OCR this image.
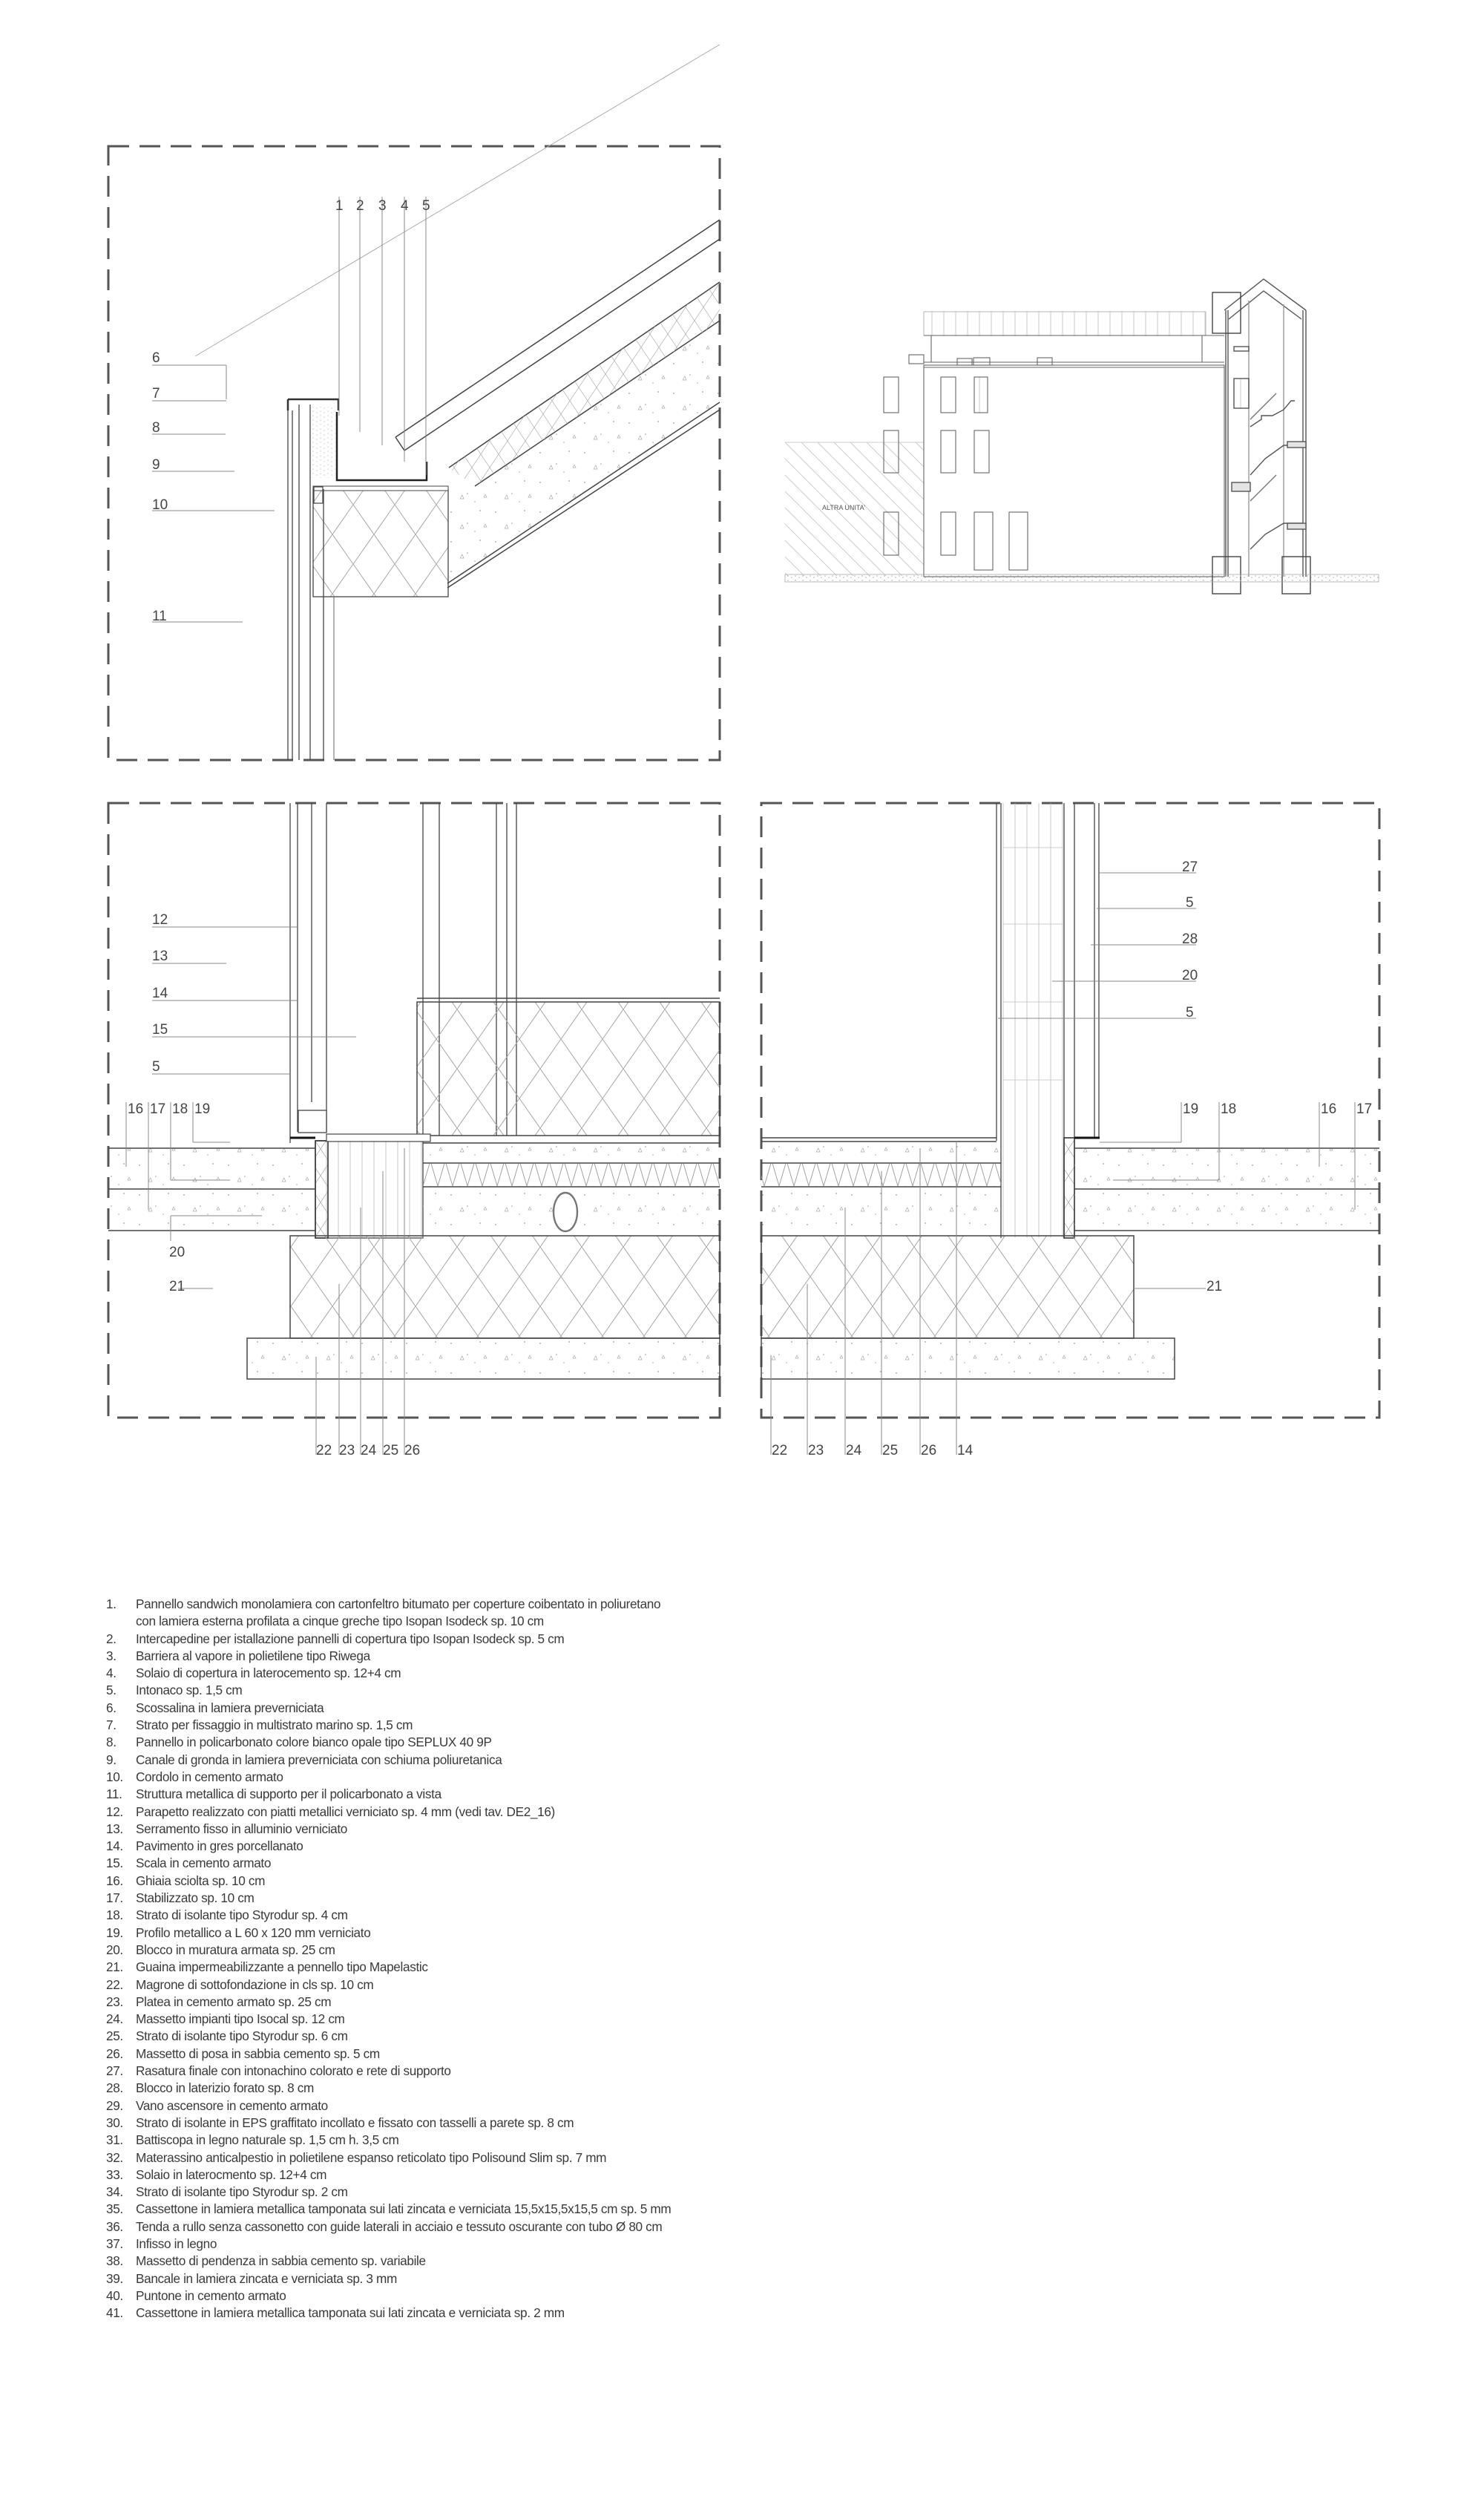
1 2 3 4 5
6
7
8
9
10
11
ALTRA UNITA'
12
13
14
15
5
16 17 18 19
20
21
22 23 24 25 26
27
5
28
20
5
19 18	16 17
21
22 23 24 25 26 14
1.	Pannello sandwich monolamiera con cartonfeltro bitumato per coperture coibentato in poliuretano
con lamiera esterna profilata a cinque greche tipo Isopan Isodeck sp. 10 cm
2.	Intercapedine per istallazione pannelli di copertura tipo Isopan Isodeck sp. 5 cm
3.	Barriera al vapore in polietilene tipo Riwega
4.	Solaio di copertura in laterocemento sp. 12+4 cm
5.	Intonaco sp. 1,5 cm
6.	Scossalina in lamiera preverniciata
7.	Strato per fissaggio in multistrato marino sp. 1,5 cm
8.	Pannello in policarbonato colore bianco opale tipo SEPLUX 40 9P
9.	Canale di gronda in lamiera preverniciata con schiuma poliuretanica
10. Cordolo in cemento armato
11.	Struttura metallica di supporto per il policarbonato a vista
12. Parapetto realizzato con piatti metallici verniciato sp. 4 mm (vedi tav. DE2_16)
13. Serramento fisso in alluminio verniciato
14. Pavimento in gres porcellanato
15. Scala in cemento armato
16. Ghiaia sciolta sp. 10 cm
17. Stabilizzato sp. 10 cm
18. Strato di isolante tipo Styrodur sp. 4 cm
19. Profilo metallico a L 60 x 120 mm verniciato
20. Blocco in muratura armata sp. 25 cm
21. Guaina impermeabilizzante a pennello tipo Mapelastic
22. Magrone di sottofondazione in cls sp. 10 cm
23. Platea in cemento armato sp. 25 cm
24. Massetto impianti tipo Isocal sp. 12 cm
25. Strato di isolante tipo Styrodur sp. 6 cm
26. Massetto di posa in sabbia cemento sp. 5 cm
27. Rasatura finale con intonachino colorato e rete di supporto
28. Blocco in laterizio forato sp. 8 cm
29. Vano ascensore in cemento armato
30. Strato di isolante in EPS graffitato incollato e fissato con tasselli a parete sp. 8 cm
31. Battiscopa in legno naturale sp. 1,5 cm h. 3,5 cm
32. Materassino anticalpestio in polietilene espanso reticolato tipo Polisound Slim sp. 7 mm
33. Solaio in laterocmento sp. 12+4 cm
34. Strato di isolante tipo Styrodur sp. 2 cm
35. Cassettone in lamiera metallica tamponata sui lati zincata e verniciata 15,5x15,5x15,5 cm sp. 5 mm
36. Tenda a rullo senza cassonetto con guide laterali in acciaio e tessuto oscurante con tubo Ø 80 cm
37. Infisso in legno
38. Massetto di pendenza in sabbia cemento sp. variabile
39. Bancale in lamiera zincata e verniciata sp. 3 mm
40. Puntone in cemento armato
41. Cassettone in lamiera metallica tamponata sui lati zincata e verniciata sp. 2 mm
